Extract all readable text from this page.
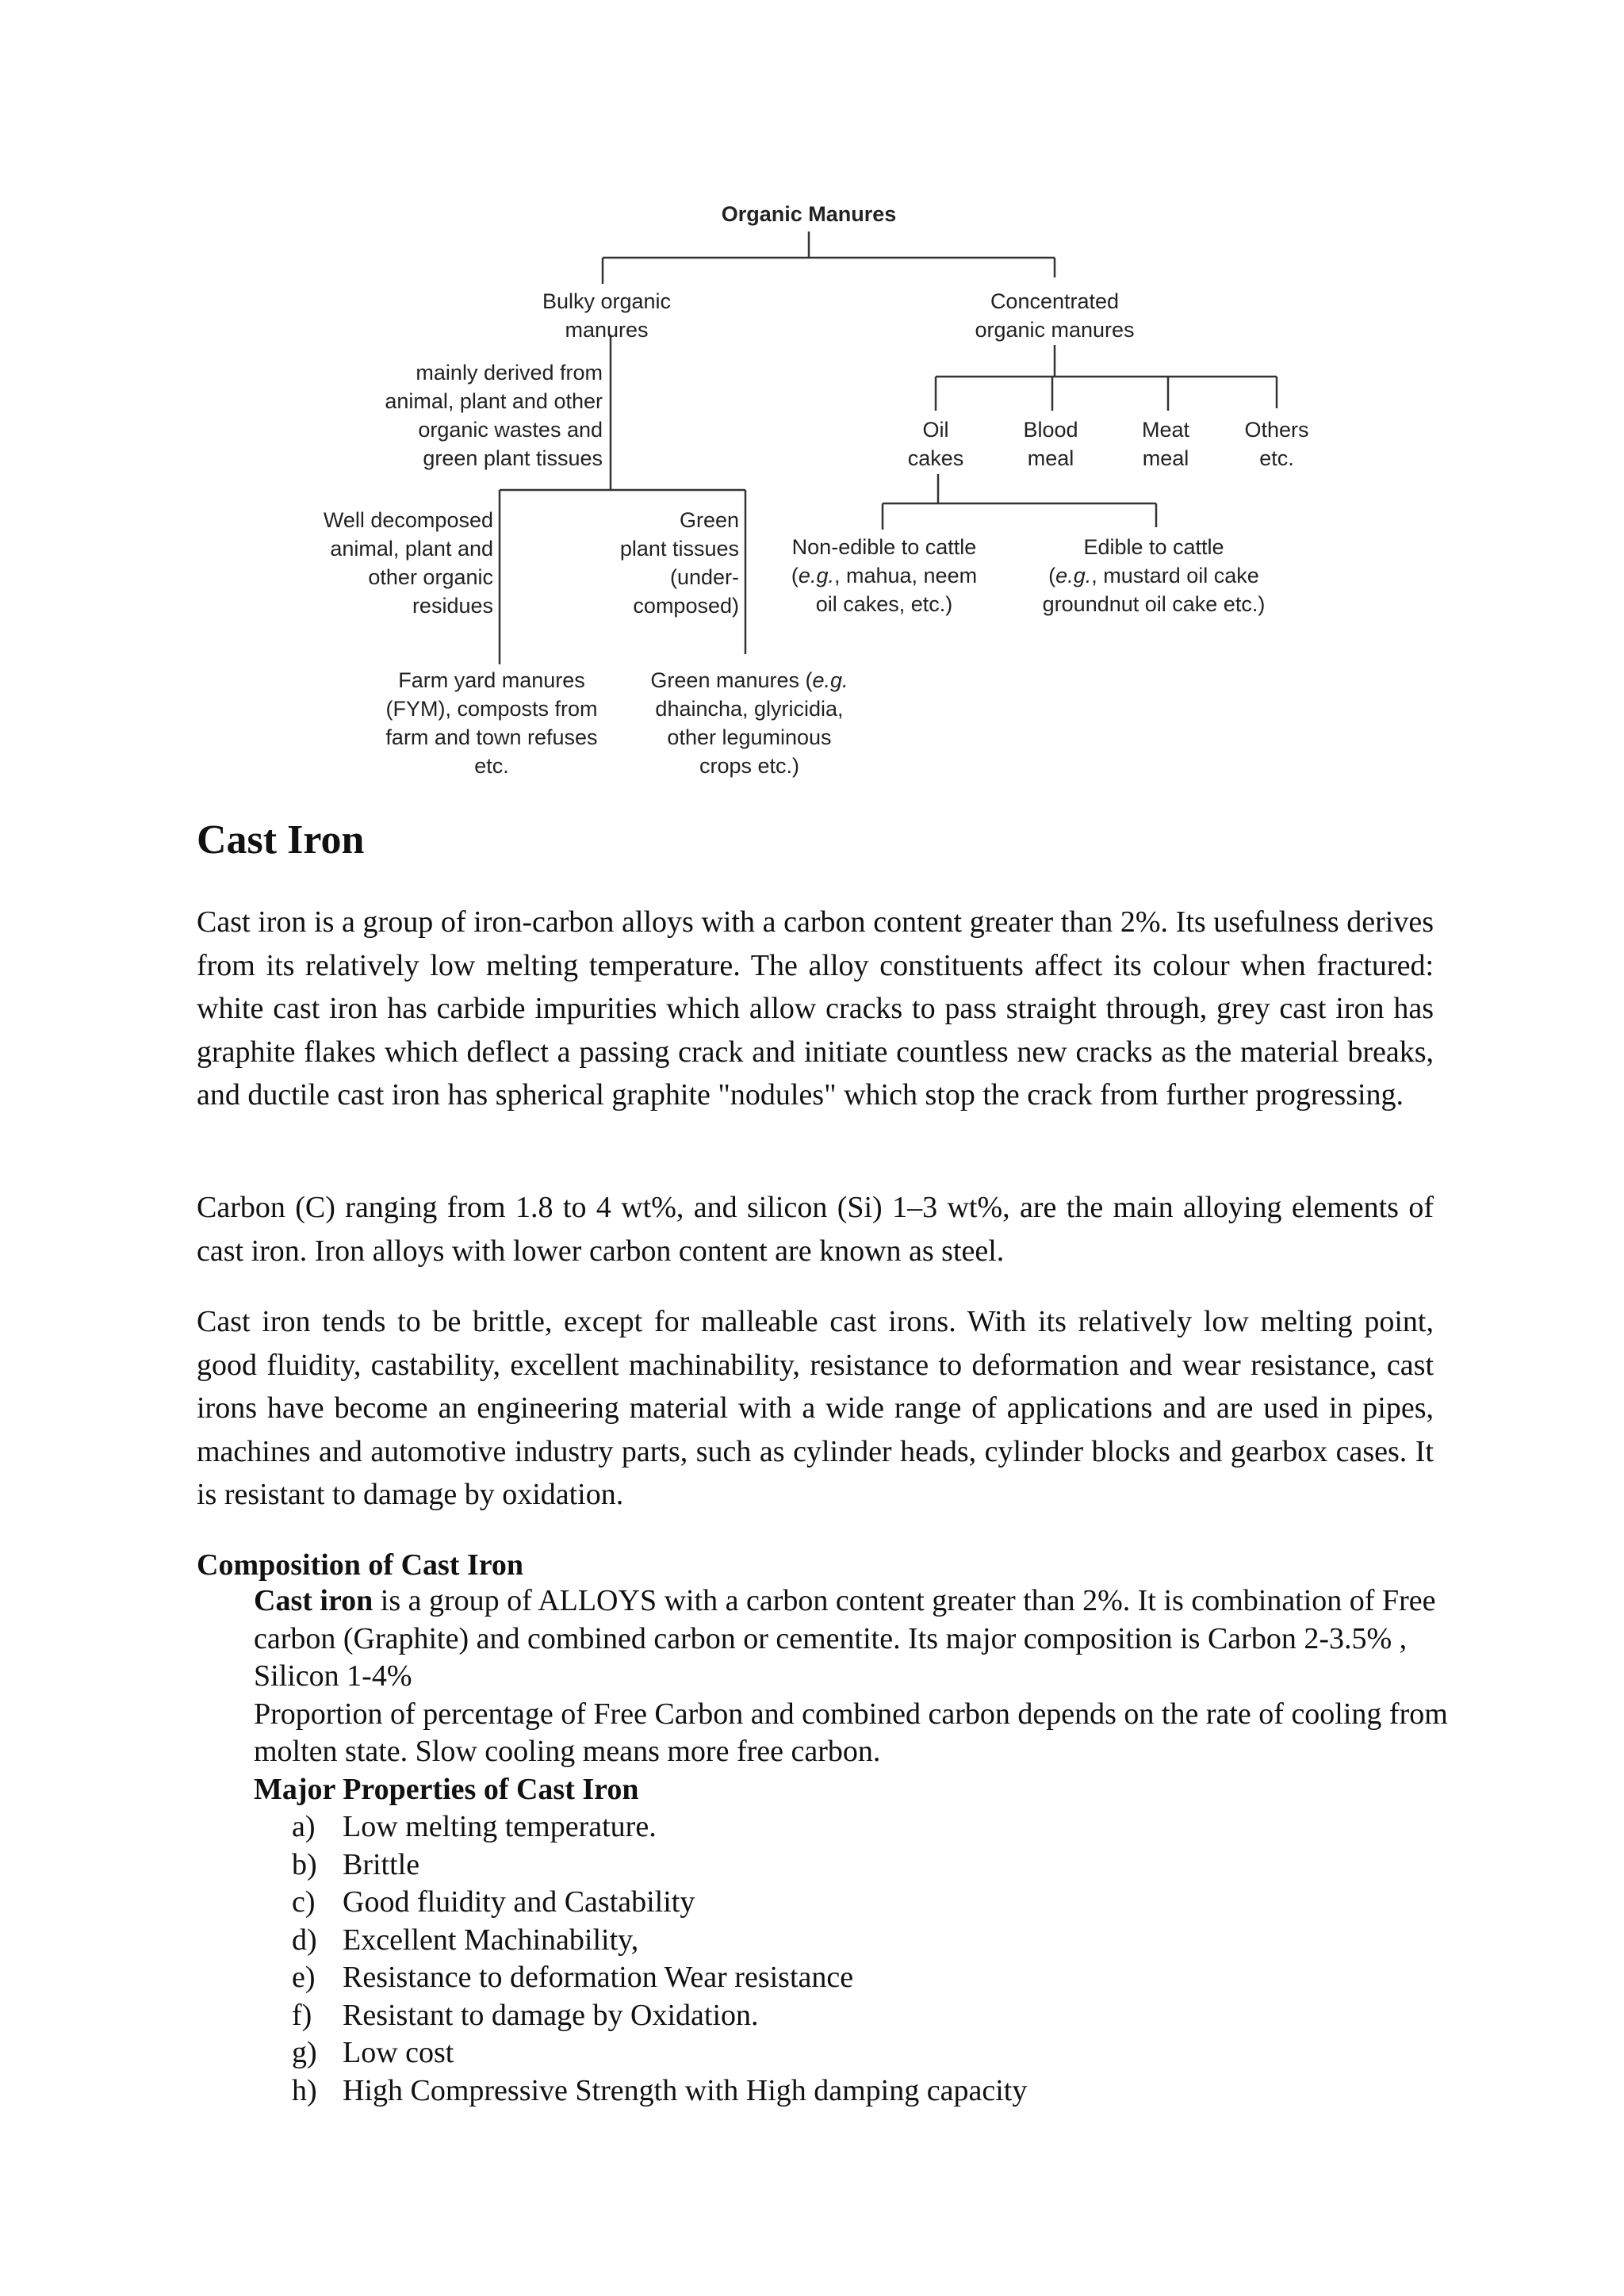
Organic Manures
Bulky organic
manures
mainly derived from
animal, plant and other
organic wastes and
green plant tissues
Concentrated
organic manures
Oil
cakes
Blood
meal
Meat
meal
Others
etc.
Well decomposed
animal, plant and
other organic
residues
Green
plant tissues
(under-
composed)
Non-edible to cattle
(e.g., mahua, neem
oil cakes, etc.)
Edible to cattle
(e.g., mustard oil cake
groundnut oil cake etc.)
Farm yard manures
(FYM), composts from
farm and town refuses
etc.
Green manures (e.g.
dhaincha, glyricidia,
other leguminous
crops etc.)
Cast Iron

Cast iron is a group of iron-carbon alloys with a carbon content greater than 2%. Its usefulness derives from its relatively low melting temperature. The alloy constituents affect its colour when fractured: white cast iron has carbide impurities which allow cracks to pass straight through, grey cast iron has graphite flakes which deflect a passing crack and initiate countless new cracks as the material breaks, and ductile cast iron has spherical graphite "nodules" which stop the crack from further progressing.

Carbon (C) ranging from 1.8 to 4 wt%, and silicon (Si) 1–3 wt%, are the main alloying elements of cast iron. Iron alloys with lower carbon content are known as steel.

Cast iron tends to be brittle, except for malleable cast irons. With its relatively low melting point, good fluidity, castability, excellent machinability, resistance to deformation and wear resistance, cast irons have become an engineering material with a wide range of applications and are used in pipes, machines and automotive industry parts, such as cylinder heads, cylinder blocks and gearbox cases. It is resistant to damage by oxidation.

Composition of Cast Iron

Cast iron is a group of ALLOYS with a carbon content greater than 2%. It is combination of Free carbon (Graphite) and combined carbon or cementite. Its major composition is Carbon 2-3.5% , Silicon 1-4%

Proportion of percentage of Free Carbon and combined carbon depends on the rate of cooling from molten state. Slow cooling means more free carbon.

Major Properties of Cast Iron

a) Low melting temperature.
b) Brittle
c) Good fluidity and Castability
d) Excellent Machinability,
e) Resistance to deformation Wear resistance
f) Resistant to damage by Oxidation.
g) Low cost
h) High Compressive Strength with High damping capacity
